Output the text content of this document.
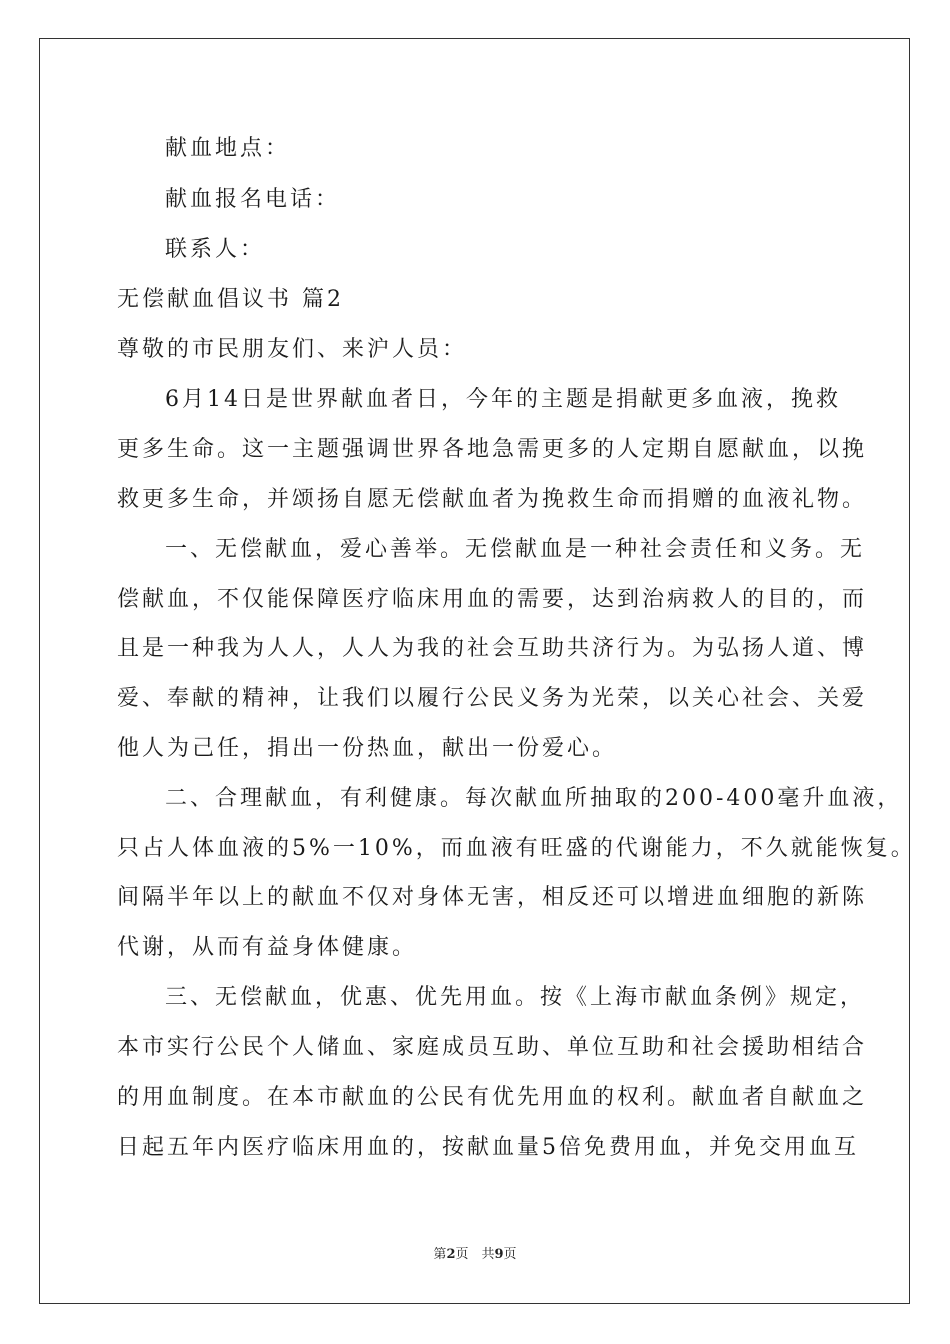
献血地点：
献血报名电话：
联系人：
无偿献血倡议书 篇2
尊敬的市民朋友们、来沪人员：
6月14日是世界献血者日，今年的主题是捐献更多血液，挽救
更多生命。这一主题强调世界各地急需更多的人定期自愿献血，以挽
救更多生命，并颂扬自愿无偿献血者为挽救生命而捐赠的血液礼物。
一、无偿献血，爱心善举。无偿献血是一种社会责任和义务。无
偿献血，不仅能保障医疗临床用血的需要，达到治病救人的目的，而
且是一种我为人人，人人为我的社会互助共济行为。为弘扬人道、博
爱、奉献的精神，让我们以履行公民义务为光荣，以关心社会、关爱
他人为己任，捐出一份热血，献出一份爱心。
二、合理献血，有利健康。每次献血所抽取的200-400毫升血液，
只占人体血液的5%一10%，而血液有旺盛的代谢能力，不久就能恢复。
间隔半年以上的献血不仅对身体无害，相反还可以增进血细胞的新陈
代谢，从而有益身体健康。
三、无偿献血，优惠、优先用血。按《上海市献血条例》规定，
本市实行公民个人储血、家庭成员互助、单位互助和社会援助相结合
的用血制度。在本市献血的公民有优先用血的权利。献血者自献血之
日起五年内医疗临床用血的，按献血量5倍免费用血，并免交用血互
第2页　共9页
